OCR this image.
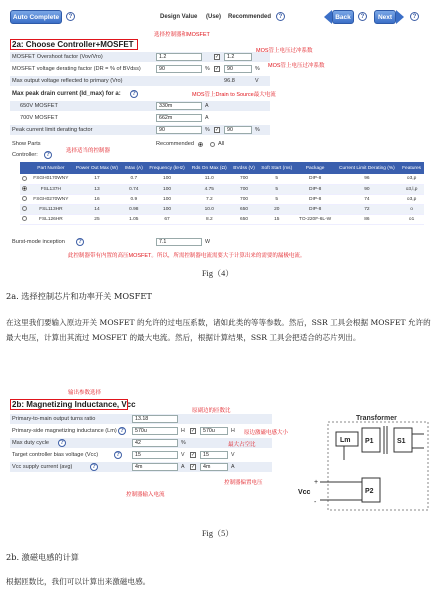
Auto Complete	?	Design Value (Use) Recommended	?	Back	?	Next	?
选择控制器和MOSFET
2a: Choose Controller+MOSFET
MOSFET Overshoot factor (Vov/Vro)	1.2	✓	1.2
MOS管上电压过冲系数
MOS管上电压过冲系数
MOSFET voltage derating factor (DR = % of BVdss)	90	% ✓	90	%
Max output voltage reflected to primary (Vro)	96.8	V
Max peak drain current (Id_max) for a:	?	MOS管上Drain to Source最大电流
650V MOSFET	330m	A
700V MOSFET	662m	A
Peak current limit derating factor	90	% ✓	90	%
Show Parts	Recommended	All
Controller:	?
选择适当的控制器
	Part Number	Power Out Max (W)	IMax (A)	Frequency (kHz)	Rds On Max (Ω)	BVdss (V)	Soft Start (ms)	Package	Current Limit Derating (%)	Features
	FSGH0170WNY	17	0.7	100	11.0	700	5	DIP-8	96	o3,p
	FSL137H	13	0.74	100	4.75	700	5	DIP-8	90	o3,l,p
	FSGH0270WNY	16	0.9	100	7.2	700	5	DIP-8	74	o3,p
	FSL113HR	14	0.98	100	10.0	650	20	DIP-8	72	o
	FSL126HR	25	1.05	67	8.2	650	15	TO-220F-6L-W	86	o1
Burst-mode inception	?	7.1	W
此控制器带有内置的高压MOSFET。所以，所需控制器电流需要大于计算出来的需要的漏极电流。
Fig（4）
2a. 选择控制芯片和功率开关 MOSFET
在这里我们要输入原边开关 MOSFET 的允许的过电压系数，诸如此类的等等参数。然后，SSR 工具会根据 MOSFET 允许的最大电压，计算出其流过 MOSFET 的最大电流。然后，根据计算结果，SSR 工具会把适合的芯片列出。
输出参数选择
2b: Magnetizing Inductance, Vcc
原副边的匝数比
Primary-to-main output turns ratio	13.18
Primary-side magnetizing inductance (Lm) ?	570u	H ✓	570u	H 原边激磁电感大小
Max duty cycle	?	42	%	最大占空比
Target controller bias voltage (Vcc)	?	15	V ✓	15	V
Vcc supply current (avg)	?	4m	A ✓	4m	A
控制器偏置电压
控制器输入电流
Transformer
Lm P1	S1
P2
Vcc
+
-
Fig（5）
2b. 激磁电感的计算
根据匝数比，我们可以计算出来激磁电感。
